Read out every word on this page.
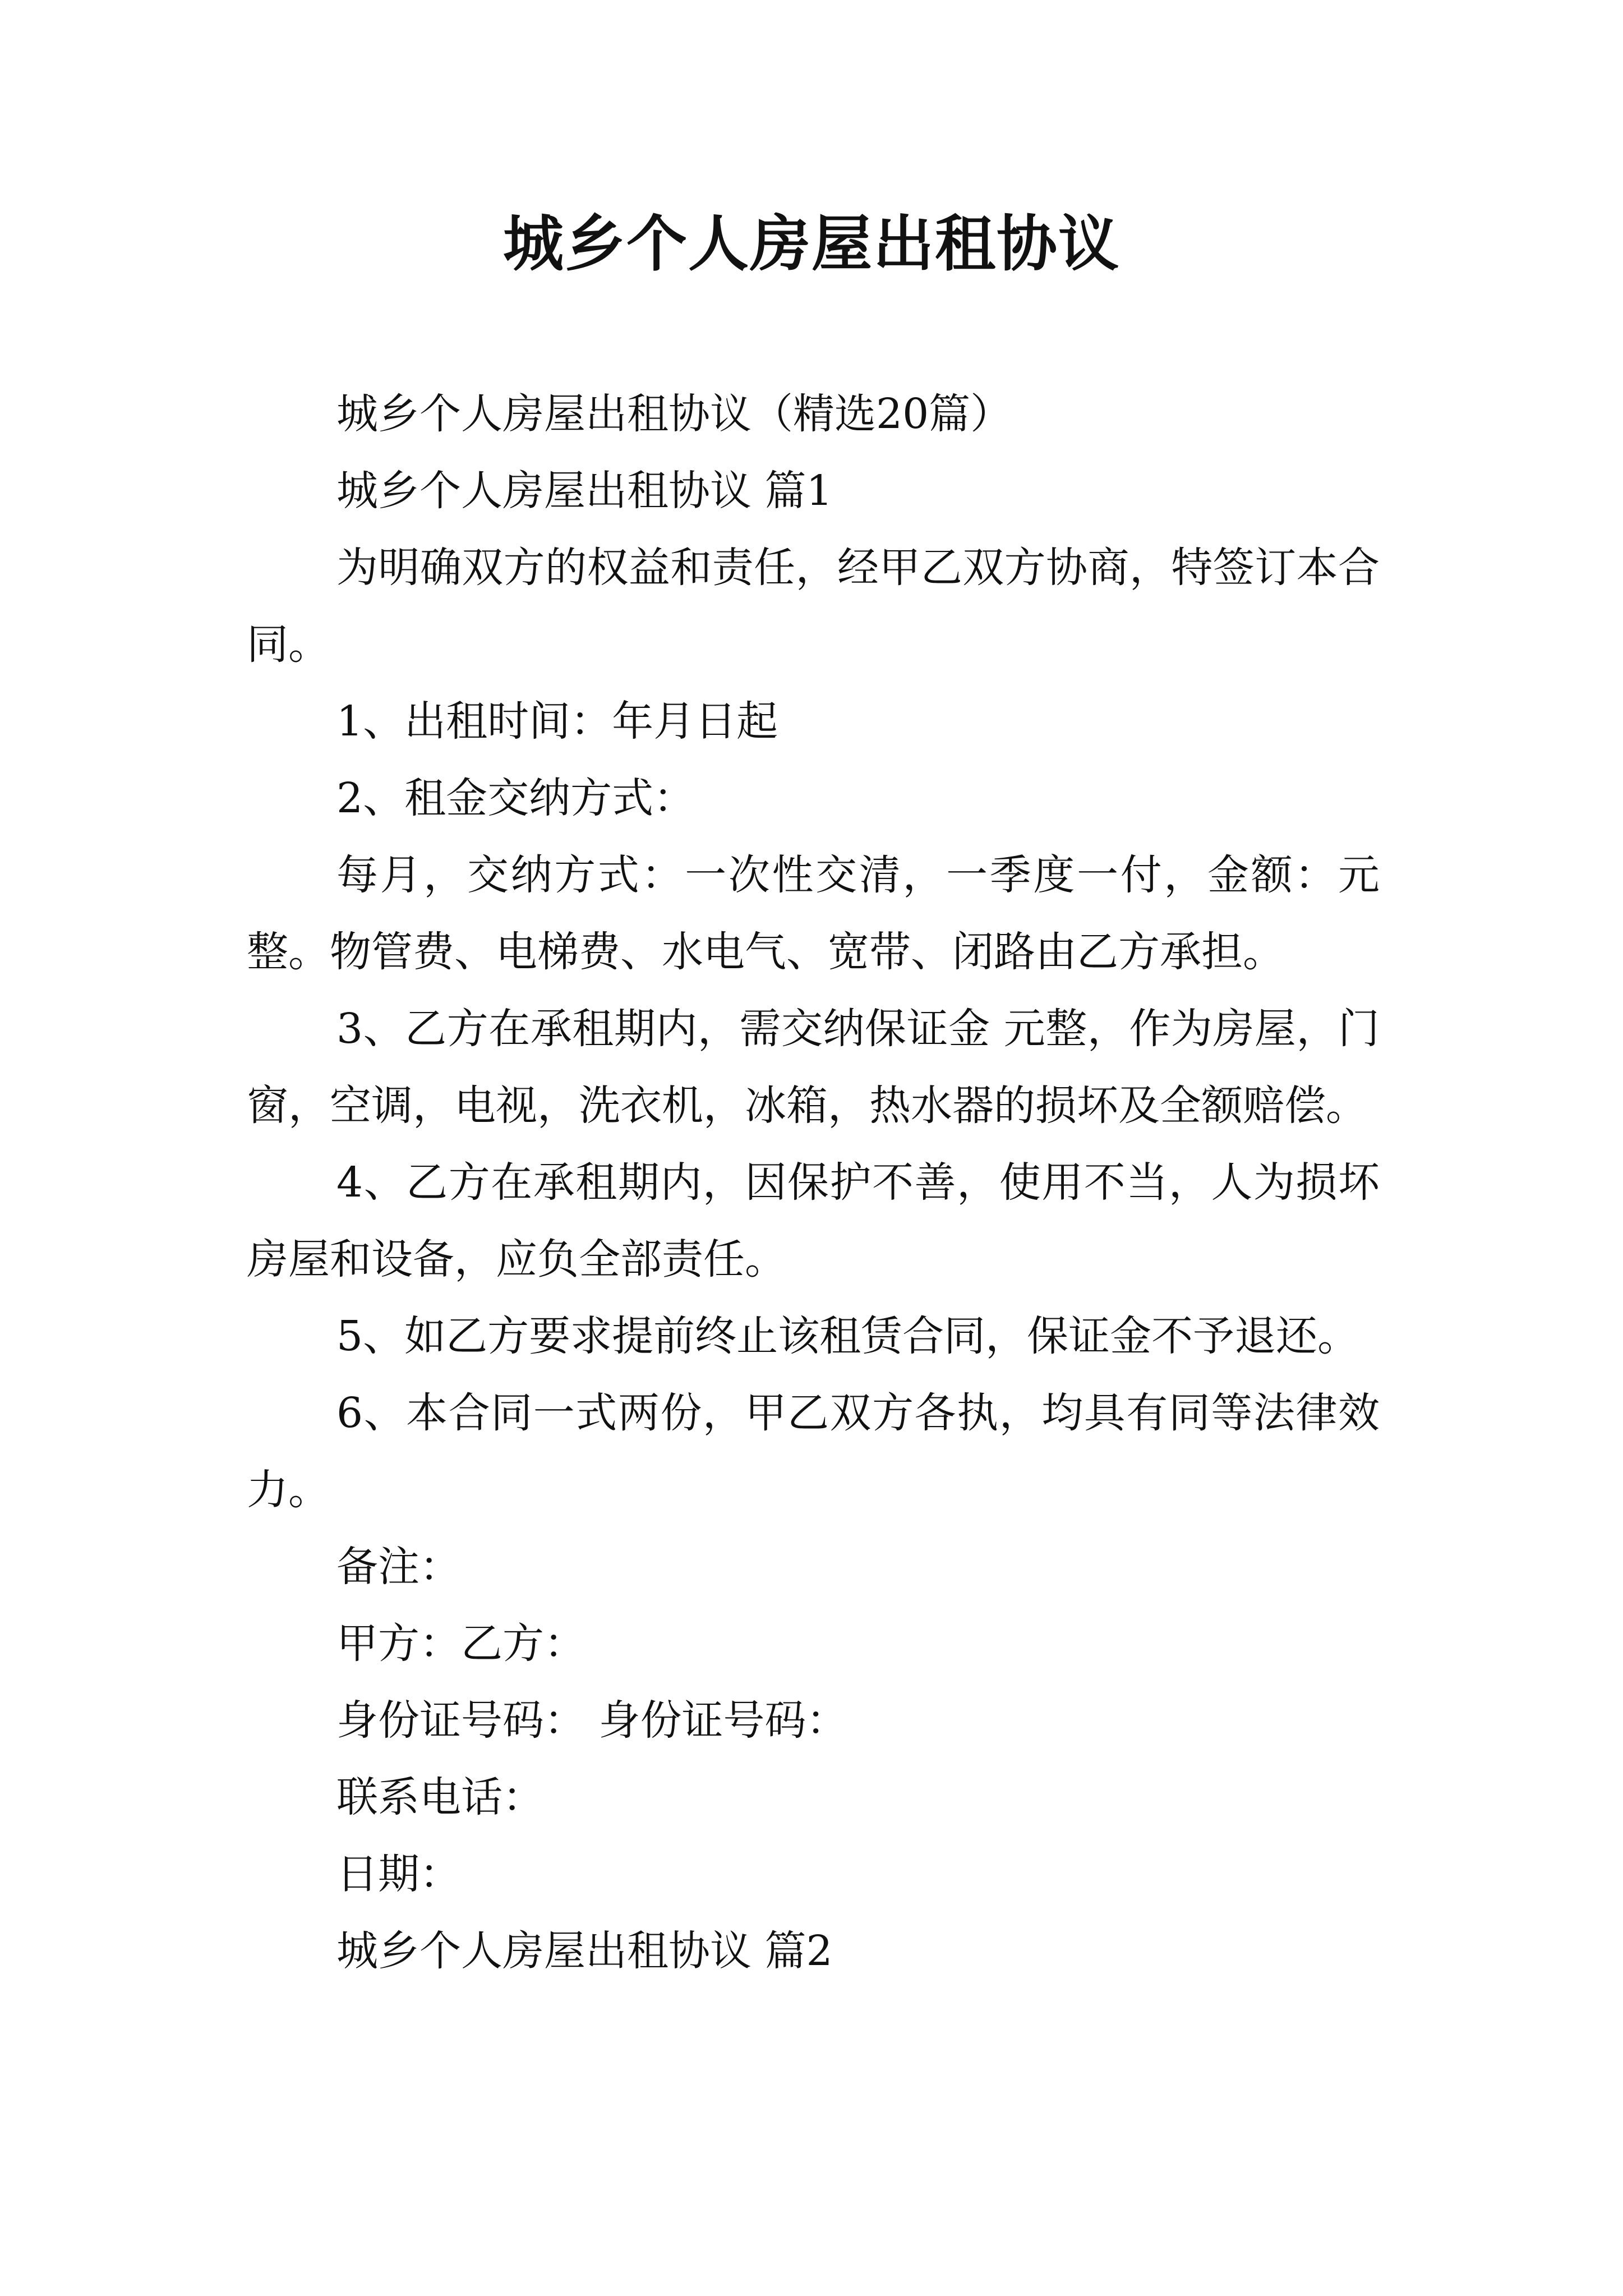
城乡个人房屋出租协议

城乡个人房屋出租协议（精选20篇）

城乡个人房屋出租协议 篇1

为明确双方的权益和责任，经甲乙双方协商，特签订本合同。

1、出租时间：年月日起

2、租金交纳方式：

每月，交纳方式：一次性交清，一季度一付，金额：元整。物管费、电梯费、水电气、宽带、闭路由乙方承担。

3、乙方在承租期内，需交纳保证金 元整，作为房屋，门窗，空调，电视，洗衣机，冰箱，热水器的损坏及全额赔偿。

4、乙方在承租期内，因保护不善，使用不当，人为损坏房屋和设备，应负全部责任。

5、如乙方要求提前终止该租赁合同，保证金不予退还。

6、本合同一式两份，甲乙双方各执，均具有同等法律效力。

备注：

甲方：乙方：

身份证号码： 身份证号码：

联系电话：

日期：

城乡个人房屋出租协议 篇2
